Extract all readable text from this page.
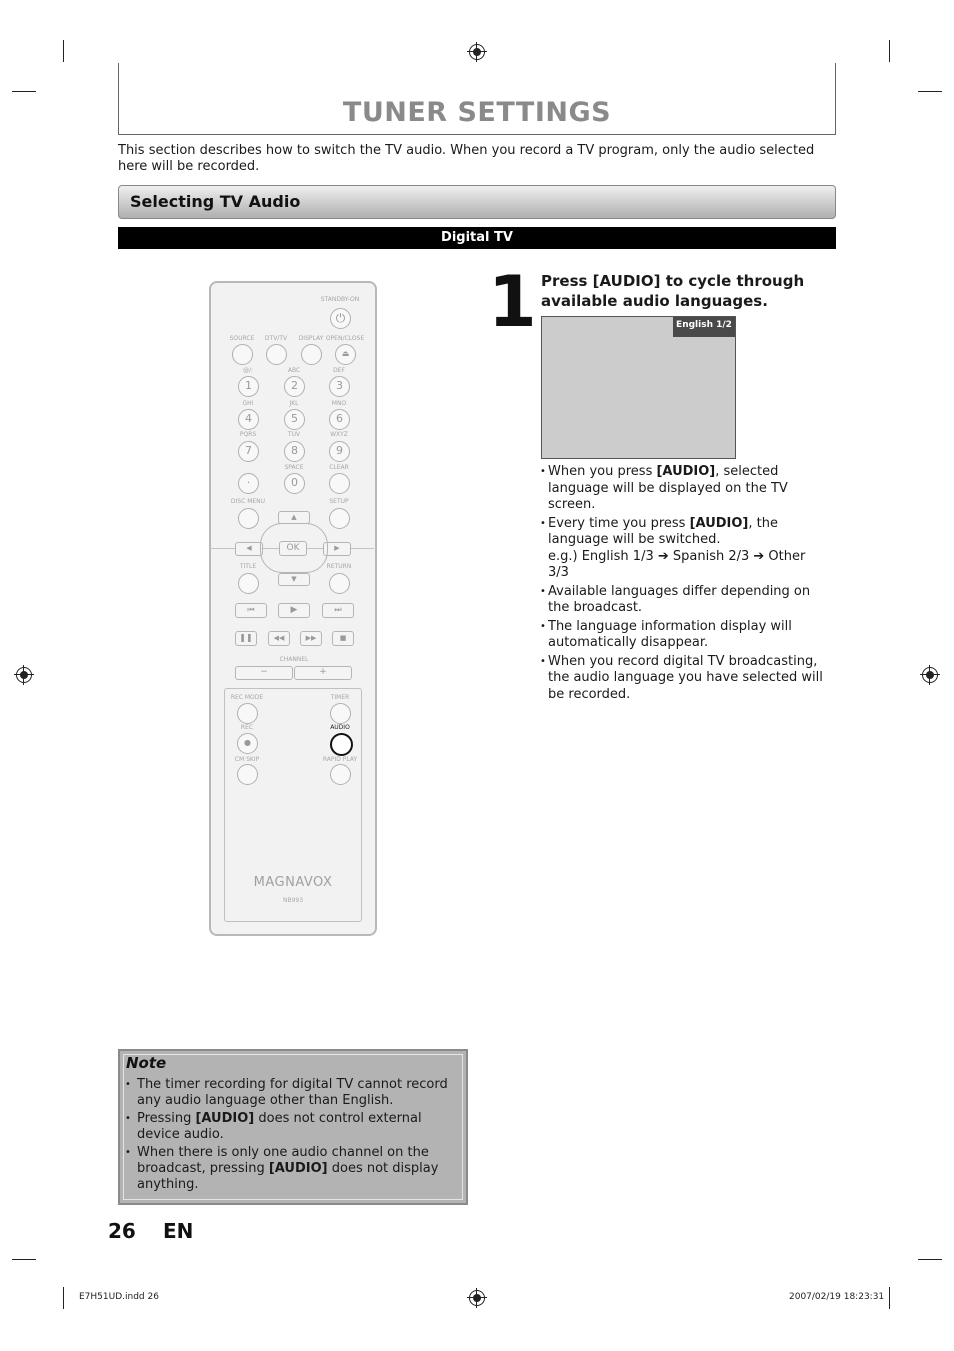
TUNER SETTINGS
This section describes how to switch the TV audio. When you record a TV program, only the audio selected here will be recorded.
Selecting TV Audio
Digital TV
STANDBY-ON
⏻
SOURCE	DTV/TV	DISPLAY OPEN/CLOSE
⏏
@/:	ABC	DEF
1	2	3
GHI	JKL	MNO
4	5	6
PQRS	TUV	WXYZ
7	8	9
SPACE	CLEAR
·	0
DISC MENU	SETUP
▲
▼
◀	▶
OK
TITLE	RETURN
⏮	▶	⏭
❚❚	◀◀	▶▶	■
CHANNEL
−	+
REC MODE	TIMER
REC	AUDIO
●
CM SKIP	RAPID PLAY
MAGNAVOX
NB993
1 Press [AUDIO] to cycle through available audio languages.
English 1/2
• When you press [AUDIO], selected language will be displayed on the TV screen.
• Every time you press [AUDIO], the language will be switched.
e.g.) English 1/3 ➔ Spanish 2/3 ➔ Other 3/3
• Available languages differ depending on the broadcast.
• The language information display will automatically disappear.
• When you record digital TV broadcasting, the audio language you have selected will be recorded.
Note
• The timer recording for digital TV cannot record any audio language other than English.
• Pressing [AUDIO] does not control external device audio.
• When there is only one audio channel on the broadcast, pressing [AUDIO] does not display anything.
26 EN
E7H51UD.indd 26	2007/02/19 18:23:31
